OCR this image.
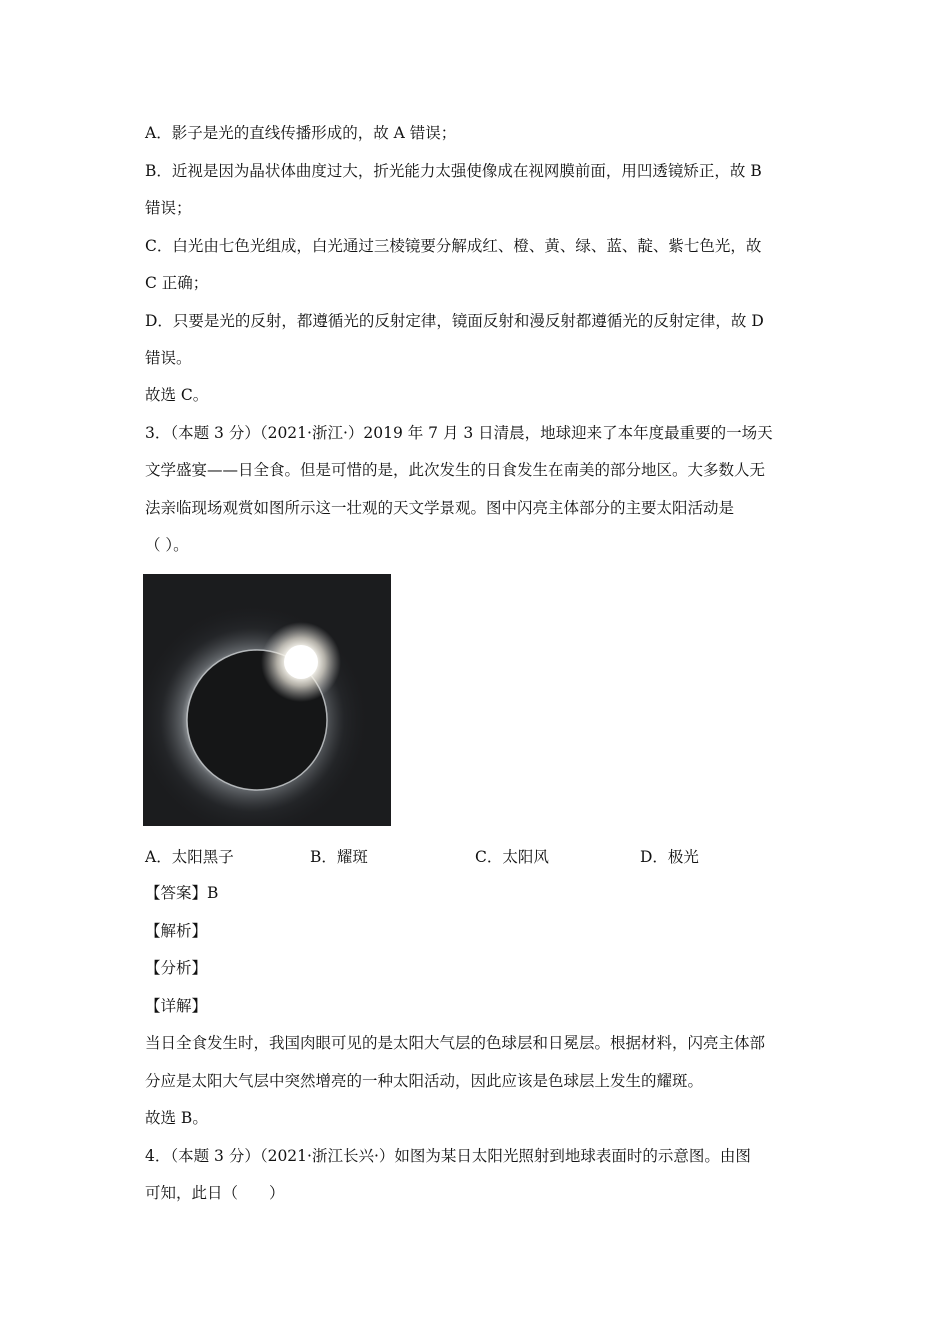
A．影子是光的直线传播形成的，故 A 错误；
B．近视是因为晶状体曲度过大，折光能力太强使像成在视网膜前面，用凹透镜矫正，故 B
错误；
C．白光由七色光组成，白光通过三棱镜要分解成红、橙、黄、绿、蓝、靛、紫七色光，故
C 正确；
D．只要是光的反射，都遵循光的反射定律，镜面反射和漫反射都遵循光的反射定律，故 D
错误。
故选 C。
3．（本题 3 分）（2021·浙江·）2019 年 7 月 3 日清晨，地球迎来了本年度最重要的一场天
文学盛宴——日全食。但是可惜的是，此次发生的日食发生在南美的部分地区。大多数人无
法亲临现场观赏如图所示这一壮观的天文学景观。图中闪亮主体部分的主要太阳活动是
（ ）。
A．太阳黑子	B．耀斑	C．太阳风	D．极光
【答案】B
【解析】
【分析】
【详解】
当日全食发生时，我国肉眼可见的是太阳大气层的色球层和日冕层。根据材料，闪亮主体部
分应是太阳大气层中突然增亮的一种太阳活动，因此应该是色球层上发生的耀斑。
故选 B。
4．（本题 3 分）（2021·浙江长兴·）如图为某日太阳光照射到地球表面时的示意图。由图
可知，此日（　　）
